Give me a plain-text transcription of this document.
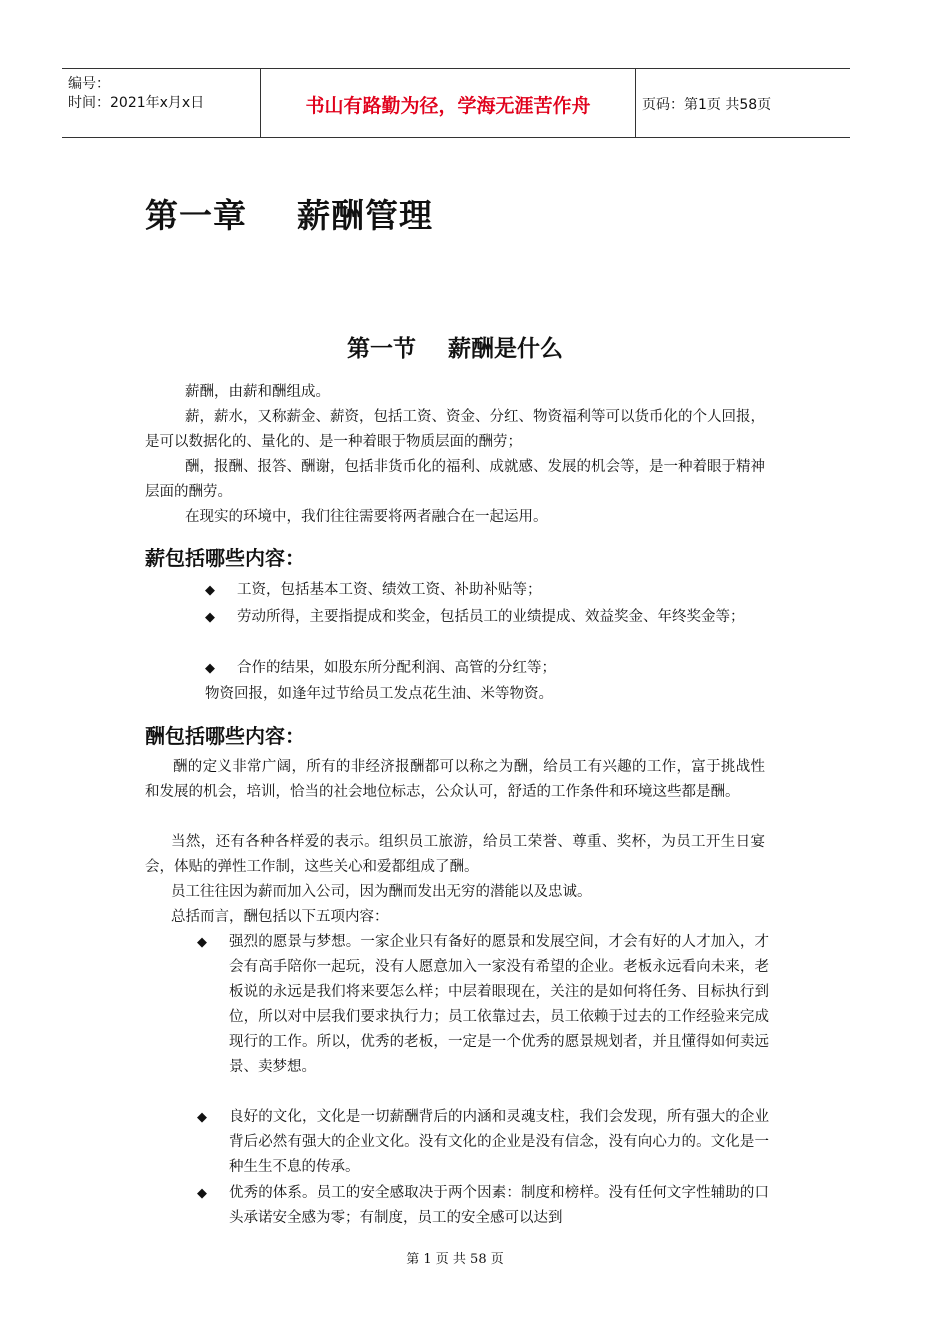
编号：
时间：2021年x月x日	书山有路勤为径，学海无涯苦作舟	页码：第1页 共58页
第一章    薪酬管理
第一节    薪酬是什么
薪酬，由薪和酬组成。
薪，薪水，又称薪金、薪资，包括工资、资金、分红、物资福利等可以货币化的个人回报，是可以数据化的、量化的、是一种着眼于物质层面的酬劳；
酬，报酬、报答、酬谢，包括非货币化的福利、成就感、发展的机会等，是一种着眼于精神层面的酬劳。
在现实的环境中，我们往往需要将两者融合在一起运用。
薪包括哪些内容：
◆ 工资，包括基本工资、绩效工资、补助补贴等；
◆ 劳动所得，主要指提成和奖金，包括员工的业绩提成、效益奖金、年终奖金等；
◆ 合作的结果，如股东所分配利润、高管的分红等；
物资回报，如逢年过节给员工发点花生油、米等物资。
酬包括哪些内容：
酬的定义非常广阔，所有的非经济报酬都可以称之为酬，给员工有兴趣的工作，富于挑战性和发展的机会，培训，恰当的社会地位标志，公众认可，舒适的工作条件和环境这些都是酬。
当然，还有各种各样爱的表示。组织员工旅游，给员工荣誉、尊重、奖杯，为员工开生日宴会，体贴的弹性工作制，这些关心和爱都组成了酬。
员工往往因为薪而加入公司，因为酬而发出无穷的潜能以及忠诚。
总括而言，酬包括以下五项内容：
◆ 强烈的愿景与梦想。一家企业只有备好的愿景和发展空间，才会有好的人才加入，才会有高手陪你一起玩，没有人愿意加入一家没有希望的企业。老板永远看向未来，老板说的永远是我们将来要怎么样；中层着眼现在，关注的是如何将任务、目标执行到位，所以对中层我们要求执行力；员工依靠过去，员工依赖于过去的工作经验来完成现行的工作。所以，优秀的老板，一定是一个优秀的愿景规划者，并且懂得如何卖远景、卖梦想。
◆ 良好的文化，文化是一切薪酬背后的内涵和灵魂支柱，我们会发现，所有强大的企业背后必然有强大的企业文化。没有文化的企业是没有信念，没有向心力的。文化是一种生生不息的传承。
◆ 优秀的体系。员工的安全感取决于两个因素：制度和榜样。没有任何文字性辅助的口头承诺安全感为零；有制度，员工的安全感可以达到
第 1 页 共 58 页
